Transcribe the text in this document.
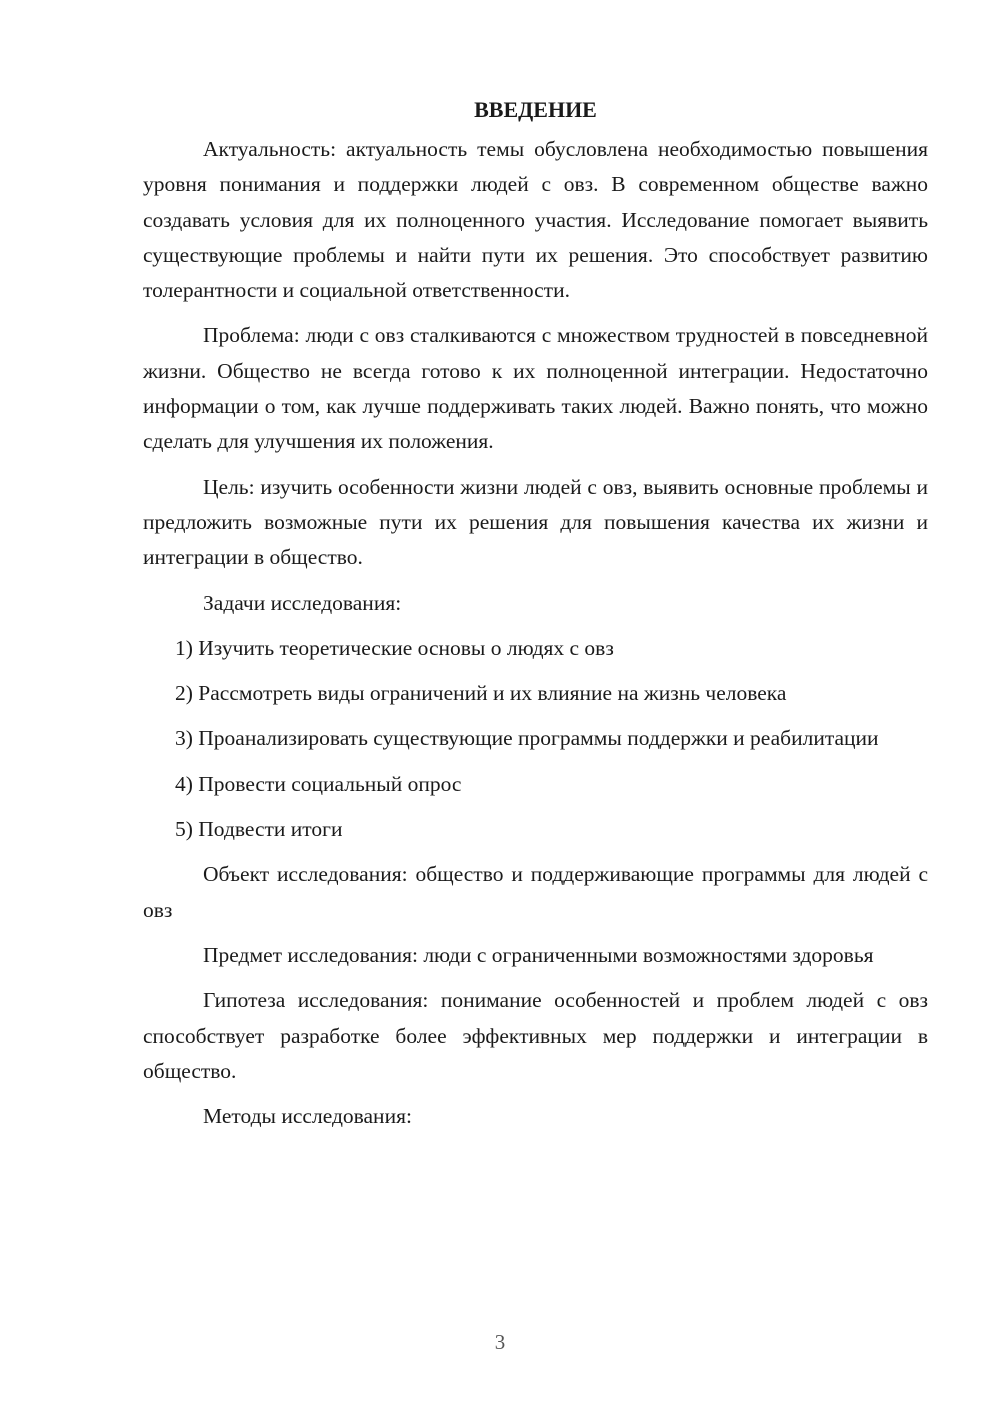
ВВЕДЕНИЕ

Актуальность: актуальность темы обусловлена необходимостью повышения уровня понимания и поддержки людей с овз. В современном обществе важно создавать условия для их полноценного участия. Исследование помогает выявить существующие проблемы и найти пути их решения. Это способствует развитию толерантности и социальной ответственности.

Проблема: люди с овз сталкиваются с множеством трудностей в повседневной жизни. Общество не всегда готово к их полноценной интеграции. Недостаточно информации о том, как лучше поддерживать таких людей. Важно понять, что можно сделать для улучшения их положения.

Цель: изучить особенности жизни людей с овз, выявить основные проблемы и предложить возможные пути их решения для повышения качества их жизни и интеграции в общество.

Задачи исследования:

1) Изучить теоретические основы о людях с овз

2) Рассмотреть виды ограничений и их влияние на жизнь человека

3) Проанализировать существующие программы поддержки и реабилитации

4) Провести социальный опрос

5) Подвести итоги

Объект исследования: общество и поддерживающие программы для людей с овз

Предмет исследования: люди с ограниченными возможностями здоровья

Гипотеза исследования: понимание особенностей и проблем людей с овз способствует разработке более эффективных мер поддержки и интеграции в общество.

Методы исследования:

3
